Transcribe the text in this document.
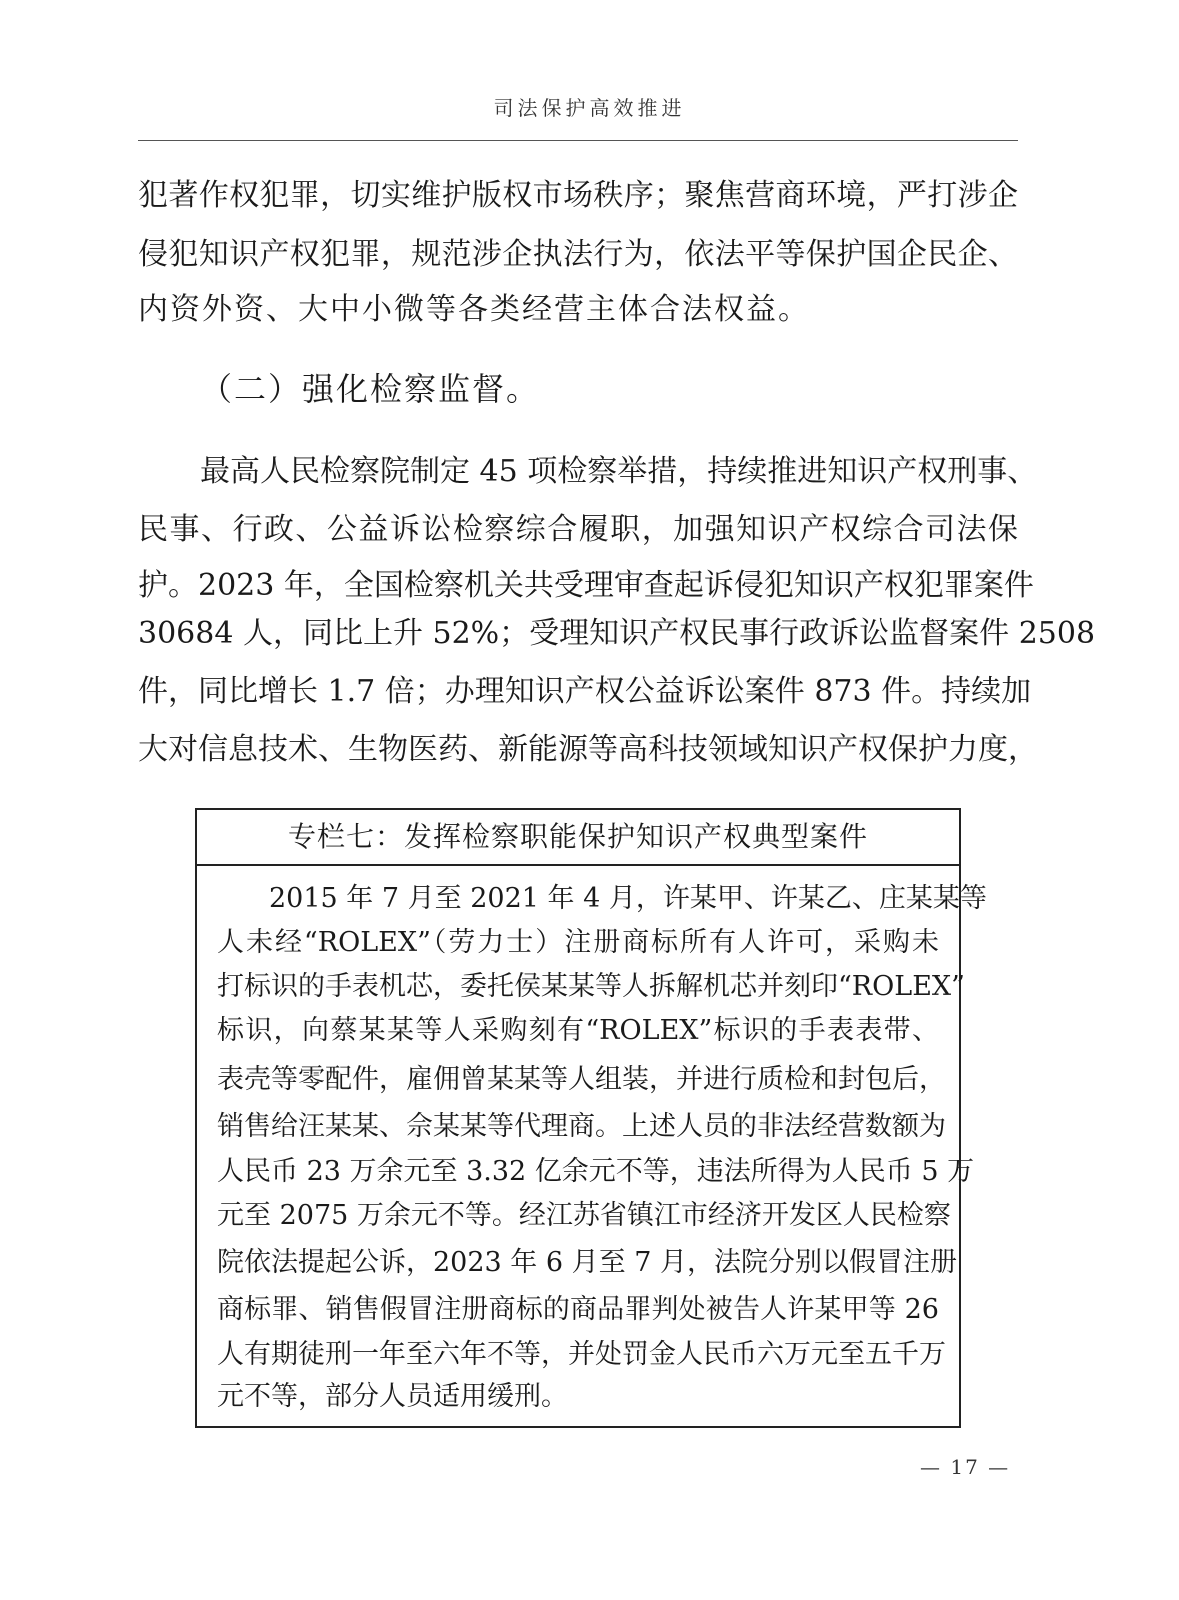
司法保护高效推进
犯著作权犯罪，切实维护版权市场秩序；聚焦营商环境，严打涉企
侵犯知识产权犯罪，规范涉企执法行为，依法平等保护国企民企、
内资外资、大中小微等各类经营主体合法权益。
（二）强化检察监督。
最高人民检察院制定 45 项检察举措，持续推进知识产权刑事、
民事、行政、公益诉讼检察综合履职，加强知识产权综合司法保
护。2023 年，全国检察机关共受理审查起诉侵犯知识产权犯罪案件
30684 人，同比上升 52%；受理知识产权民事行政诉讼监督案件 2508
件，同比增长 1.7 倍；办理知识产权公益诉讼案件 873 件。持续加
大对信息技术、生物医药、新能源等高科技领域知识产权保护力度，
专栏七：发挥检察职能保护知识产权典型案件
2015 年 7 月至 2021 年 4 月，许某甲、许某乙、庄某某等
人未经“ROLEX”（劳力士）注册商标所有人许可，采购未
打标识的手表机芯，委托侯某某等人拆解机芯并刻印“ROLEX”
标识，向蔡某某等人采购刻有“ROLEX”标识的手表表带、
表壳等零配件，雇佣曾某某等人组装，并进行质检和封包后，
销售给汪某某、佘某某等代理商。上述人员的非法经营数额为
人民币 23 万余元至 3.32 亿余元不等，违法所得为人民币 5 万
元至 2075 万余元不等。经江苏省镇江市经济开发区人民检察
院依法提起公诉，2023 年 6 月至 7 月，法院分别以假冒注册
商标罪、销售假冒注册商标的商品罪判处被告人许某甲等 26
人有期徒刑一年至六年不等，并处罚金人民币六万元至五千万
元不等，部分人员适用缓刑。
— 17 —
